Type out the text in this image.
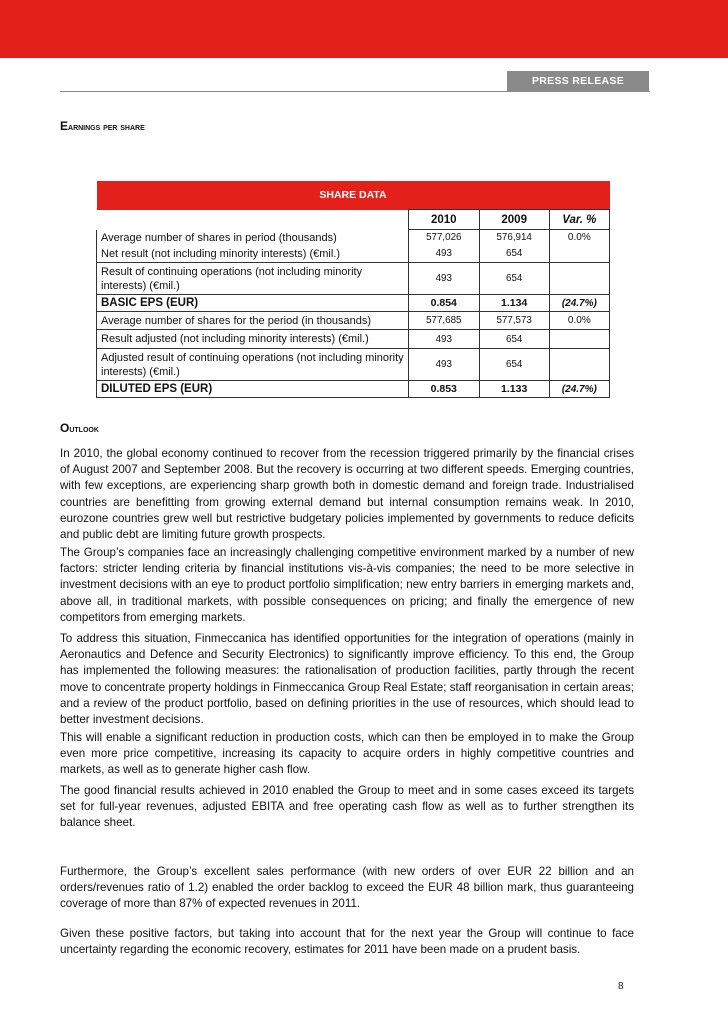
PRESS RELEASE
Earnings per share
SHARE DATA			
	2010	2009	Var. %
Average number of shares in period (thousands)	577,026	576,914	0.0%
Net result (not including minority interests) (€mil.)	493	654	
Result of continuing operations (not including minority interests) (€mil.)	493	654	
BASIC EPS (EUR)	0.854	1.134	(24.7%)
Average number of shares for the period (in thousands)	577,685	577,573	0.0%
Result adjusted (not including minority interests) (€mil.)	493	654	
Adjusted result of continuing operations (not including minority interests) (€mil.)	493	654	
DILUTED EPS (EUR)	0.853	1.133	(24.7%)
Outlook

In 2010, the global economy continued to recover from the recession triggered primarily by the financial crises of August 2007 and September 2008. But the recovery is occurring at two different speeds. Emerging countries, with few exceptions, are experiencing sharp growth both in domestic demand and foreign trade. Industrialised countries are benefitting from growing external demand but internal consumption remains weak. In 2010, eurozone countries grew well but restrictive budgetary policies implemented by governments to reduce deficits and public debt are limiting future growth prospects.

The Group’s companies face an increasingly challenging competitive environment marked by a number of new factors: stricter lending criteria by financial institutions vis-à-vis companies; the need to be more selective in investment decisions with an eye to product portfolio simplification; new entry barriers in emerging markets and, above all, in traditional markets, with possible consequences on pricing; and finally the emergence of new competitors from emerging markets.

To address this situation, Finmeccanica has identified opportunities for the integration of operations (mainly in Aeronautics and Defence and Security Electronics) to significantly improve efficiency. To this end, the Group has implemented the following measures: the rationalisation of production facilities, partly through the recent move to concentrate property holdings in Finmeccanica Group Real Estate; staff reorganisation in certain areas; and a review of the product portfolio, based on defining priorities in the use of resources, which should lead to better investment decisions.

This will enable a significant reduction in production costs, which can then be employed in to make the Group even more price competitive, increasing its capacity to acquire orders in highly competitive countries and markets, as well as to generate higher cash flow.

The good financial results achieved in 2010 enabled the Group to meet and in some cases exceed its targets set for full-year revenues, adjusted EBITA and free operating cash flow as well as to further strengthen its balance sheet.

Furthermore, the Group’s excellent sales performance (with new orders of over EUR 22 billion and an orders/revenues ratio of 1.2) enabled the order backlog to exceed the EUR 48 billion mark, thus guaranteeing coverage of more than 87% of expected revenues in 2011.

Given these positive factors, but taking into account that for the next year the Group will continue to face uncertainty regarding the economic recovery, estimates for 2011 have been made on a prudent basis.

8
